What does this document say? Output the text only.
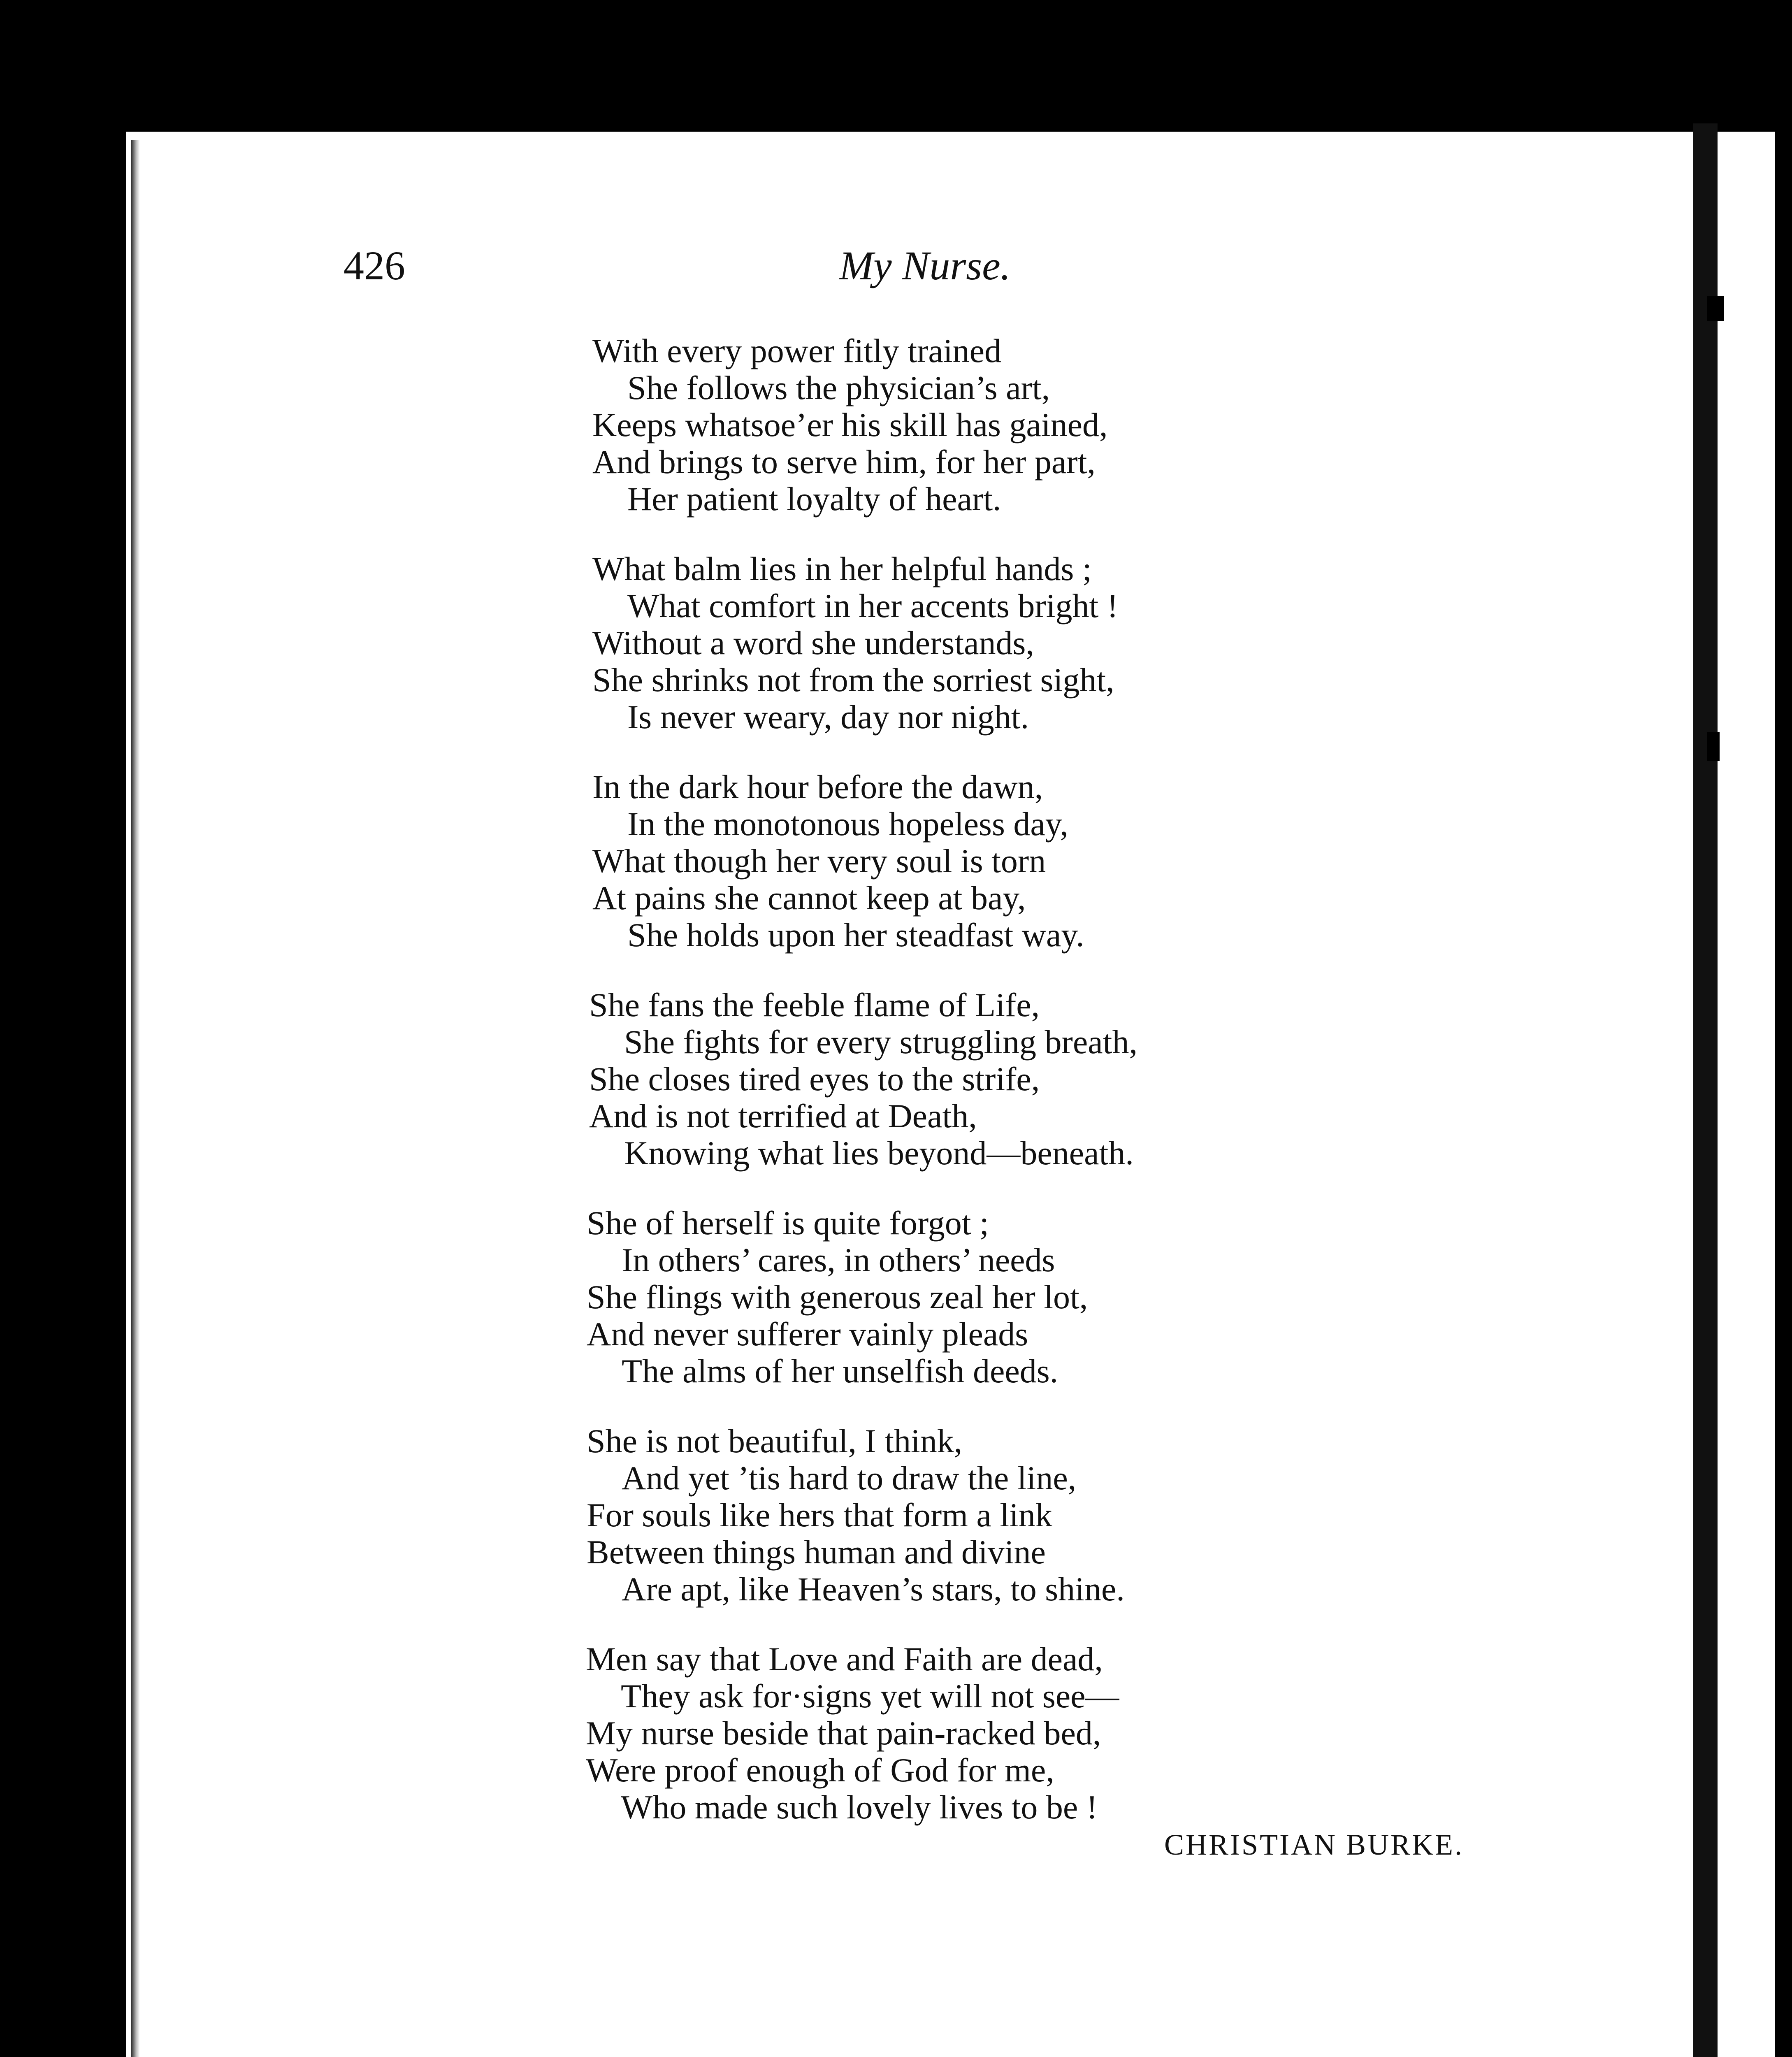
426	My Nurse.
With every power fitly trained
She follows the physician’s art,
Keeps whatsoe’er his skill has gained,
And brings to serve him, for her part,
Her patient loyalty of heart.
What balm lies in her helpful hands ;
What comfort in her accents bright !
Without a word she understands,
She shrinks not from the sorriest sight,
Is never weary, day nor night.
In the dark hour before the dawn,
In the monotonous hopeless day,
What though her very soul is torn
At pains she cannot keep at bay,
She holds upon her steadfast way.
She fans the feeble flame of Life,
She fights for every struggling breath,
She closes tired eyes to the strife,
And is not terrified at Death,
Knowing what lies beyond—beneath.
She of herself is quite forgot ;
In others’ cares, in others’ needs
She flings with generous zeal her lot,
And never sufferer vainly pleads
The alms of her unselfish deeds.
She is not beautiful, I think,
And yet ’tis hard to draw the line,
For souls like hers that form a link
Between things human and divine
Are apt, like Heaven’s stars, to shine.
Men say that Love and Faith are dead,
They ask for·signs yet will not see—
My nurse beside that pain-racked bed,
Were proof enough of God for me,
Who made such lovely lives to be !
CHRISTIAN BURKE.
